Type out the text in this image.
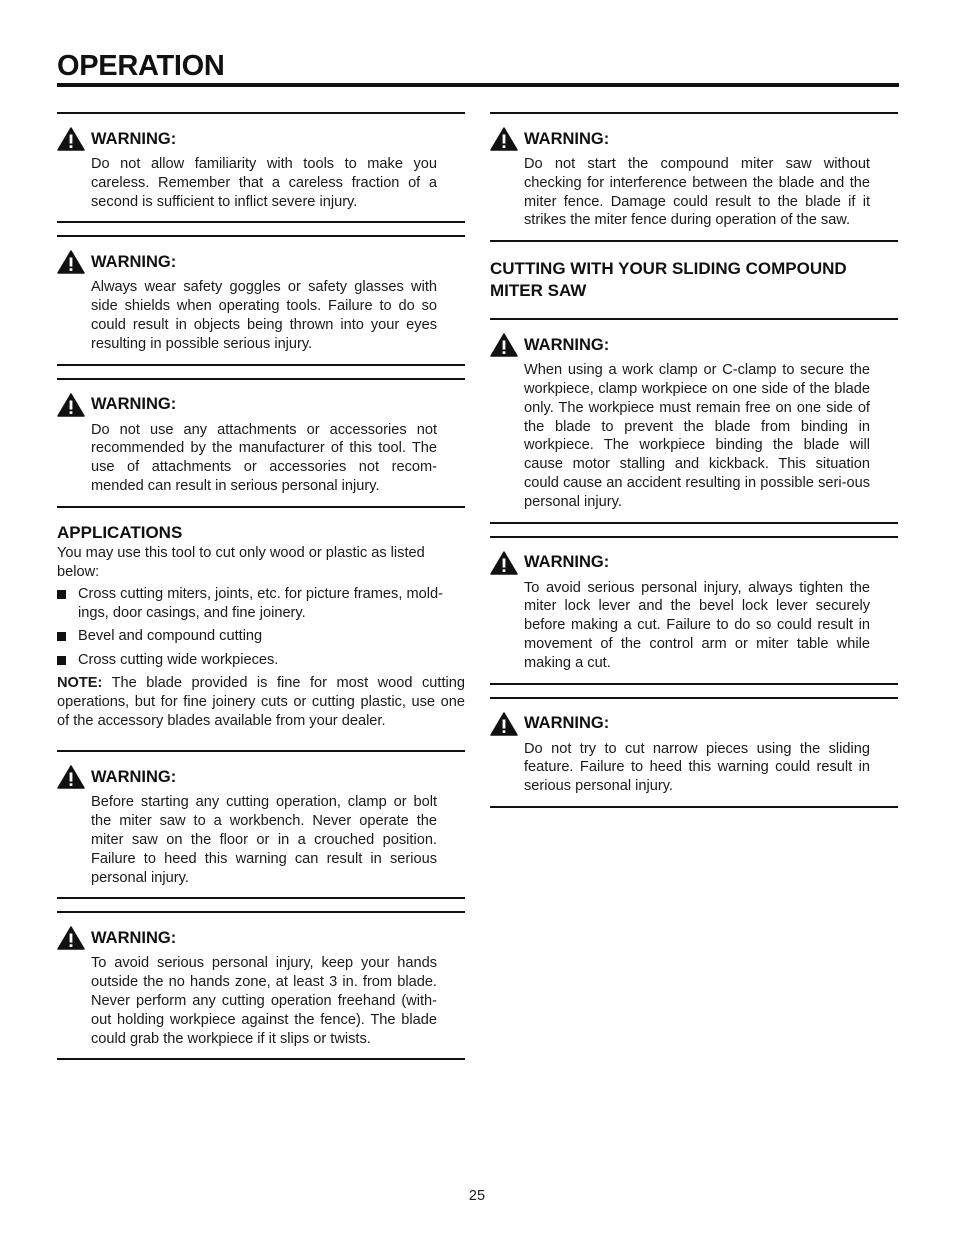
OPERATION
WARNING:

Do not allow familiarity with tools to make you careless. Remember that a careless fraction of a second is sufficient to inflict severe injury.

WARNING:

Always wear safety goggles or safety glasses with side shields when operating tools. Failure to do so could result in objects being thrown into your eyes resulting in possible serious injury.

WARNING:

Do not use any attachments or accessories not recommended by the manufacturer of this tool. The use of attachments or accessories not recom-mended can result in serious personal injury.

APPLICATIONS

You may use this tool to cut only wood or plastic as listed below:

Cross cutting miters, joints, etc. for picture frames, mold-ings, door casings, and fine joinery.
Bevel and compound cutting
Cross cutting wide workpieces.

NOTE: The blade provided is fine for most wood cutting operations, but for fine joinery cuts or cutting plastic, use one of the accessory blades available from your dealer.

WARNING:

Before starting any cutting operation, clamp or bolt the miter saw to a workbench. Never operate the miter saw on the floor or in a crouched position. Failure to heed this warning can result in serious personal injury.

WARNING:

To avoid serious personal injury, keep your hands outside the no hands zone, at least 3 in. from blade. Never perform any cutting operation freehand (with-out holding workpiece against the fence). The blade could grab the workpiece if it slips or twists.

WARNING:

Do not start the compound miter saw without checking for interference between the blade and the miter fence. Damage could result to the blade if it strikes the miter fence during operation of the saw.

CUTTING WITH YOUR SLIDING COMPOUND MITER SAW
WARNING:

When using a work clamp or C-clamp to secure the workpiece, clamp workpiece on one side of the blade only. The workpiece must remain free on one side of the blade to prevent the blade from binding in workpiece. The workpiece binding the blade will cause motor stalling and kickback. This situation could cause an accident resulting in possible seri-ous personal injury.

WARNING:

To avoid serious personal injury, always tighten the miter lock lever and the bevel lock lever securely before making a cut. Failure to do so could result in movement of the control arm or miter table while making a cut.

WARNING:

Do not try to cut narrow pieces using the sliding feature. Failure to heed this warning could result in serious personal injury.

25
